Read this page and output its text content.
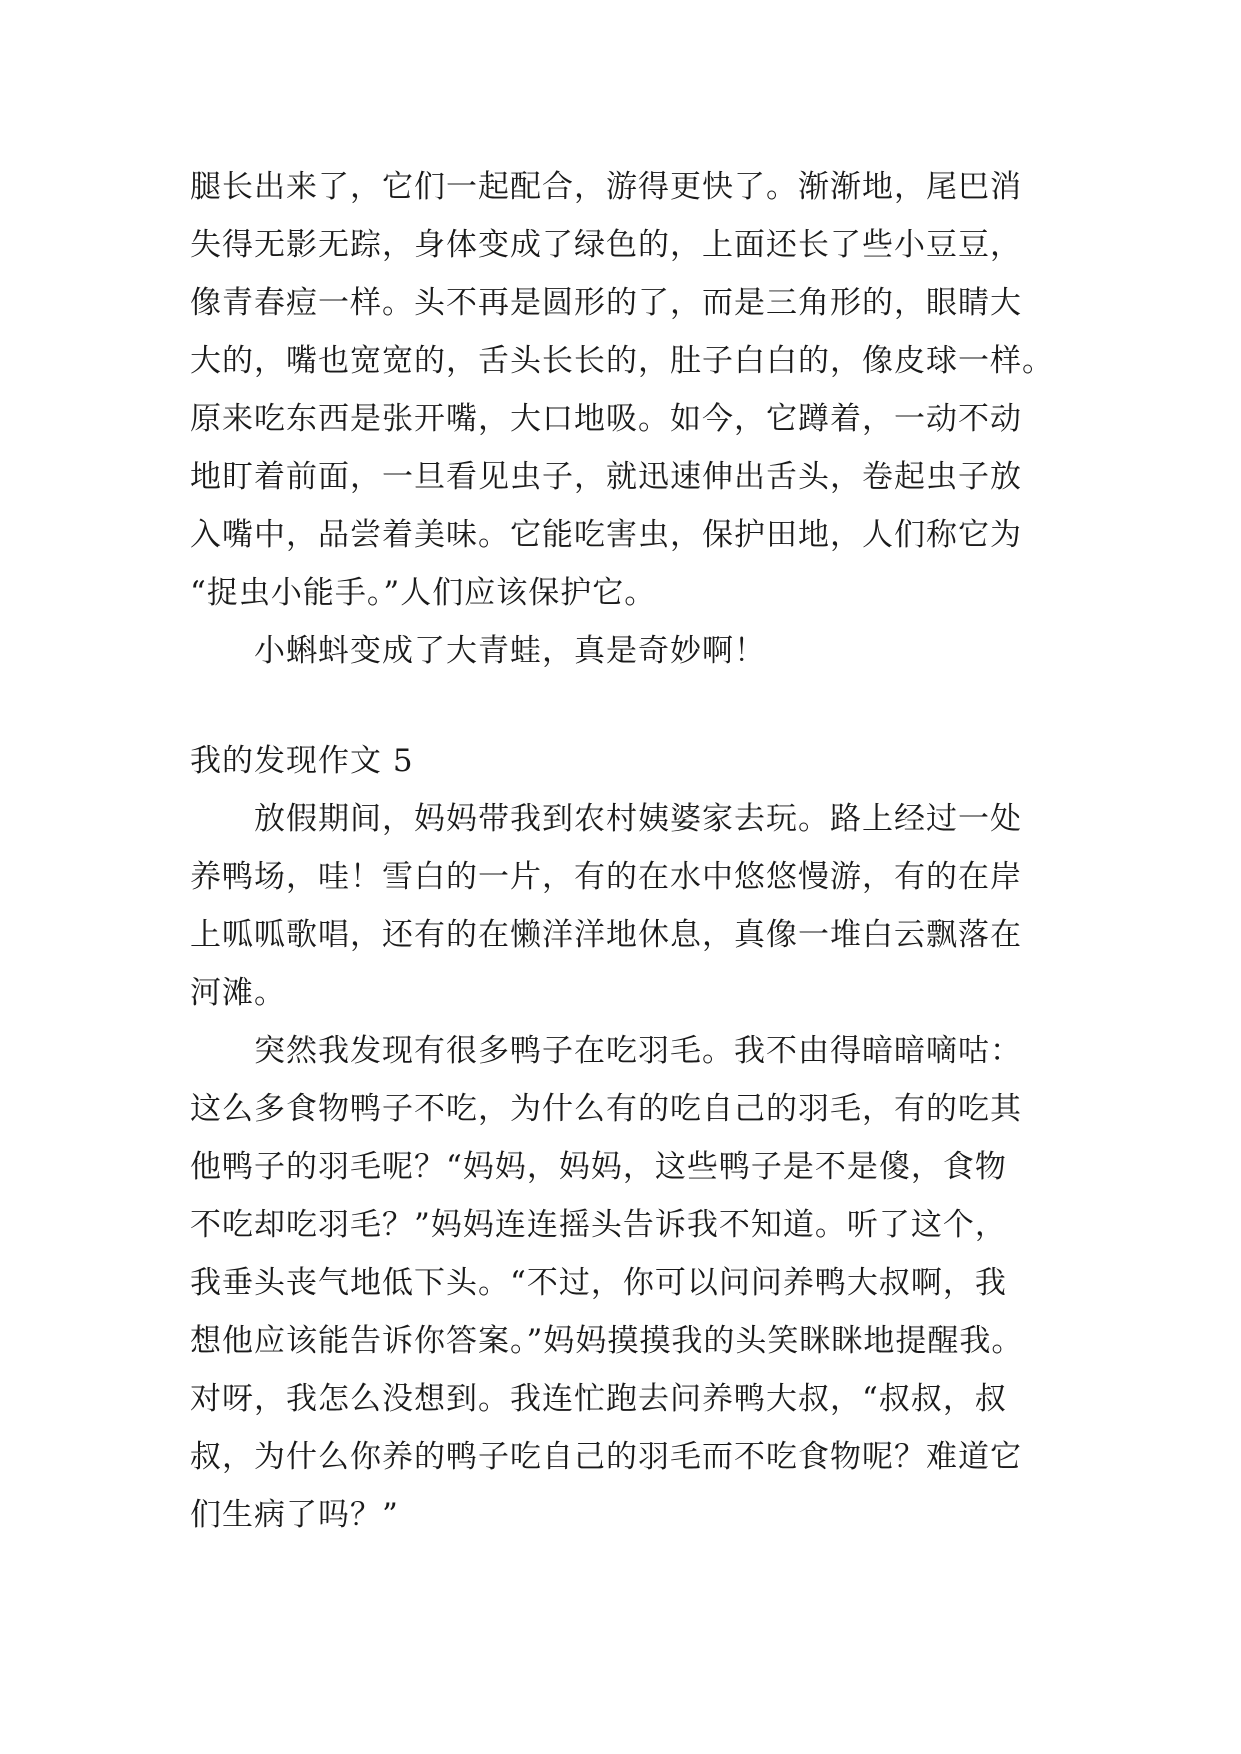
腿长出来了，它们一起配合，游得更快了。渐渐地，尾巴消
失得无影无踪，身体变成了绿色的，上面还长了些小豆豆，
像青春痘一样。头不再是圆形的了，而是三角形的，眼睛大
大的，嘴也宽宽的，舌头长长的，肚子白白的，像皮球一样。
原来吃东西是张开嘴，大口地吸。如今，它蹲着，一动不动
地盯着前面，一旦看见虫子，就迅速伸出舌头，卷起虫子放
入嘴中，品尝着美味。它能吃害虫，保护田地，人们称它为
“捉虫小能手。”人们应该保护它。
小蝌蚪变成了大青蛙，真是奇妙啊！
我的发现作文 5
放假期间，妈妈带我到农村姨婆家去玩。路上经过一处
养鸭场，哇！雪白的一片，有的在水中悠悠慢游，有的在岸
上呱呱歌唱，还有的在懒洋洋地休息，真像一堆白云飘落在
河滩。
突然我发现有很多鸭子在吃羽毛。我不由得暗暗嘀咕：
这么多食物鸭子不吃，为什么有的吃自己的羽毛，有的吃其
他鸭子的羽毛呢？“妈妈，妈妈，这些鸭子是不是傻，食物
不吃却吃羽毛？”妈妈连连摇头告诉我不知道。听了这个，
我垂头丧气地低下头。“不过，你可以问问养鸭大叔啊，我
想他应该能告诉你答案。”妈妈摸摸我的头笑眯眯地提醒我。
对呀，我怎么没想到。我连忙跑去问养鸭大叔，“叔叔，叔
叔，为什么你养的鸭子吃自己的羽毛而不吃食物呢？难道它
们生病了吗？”
